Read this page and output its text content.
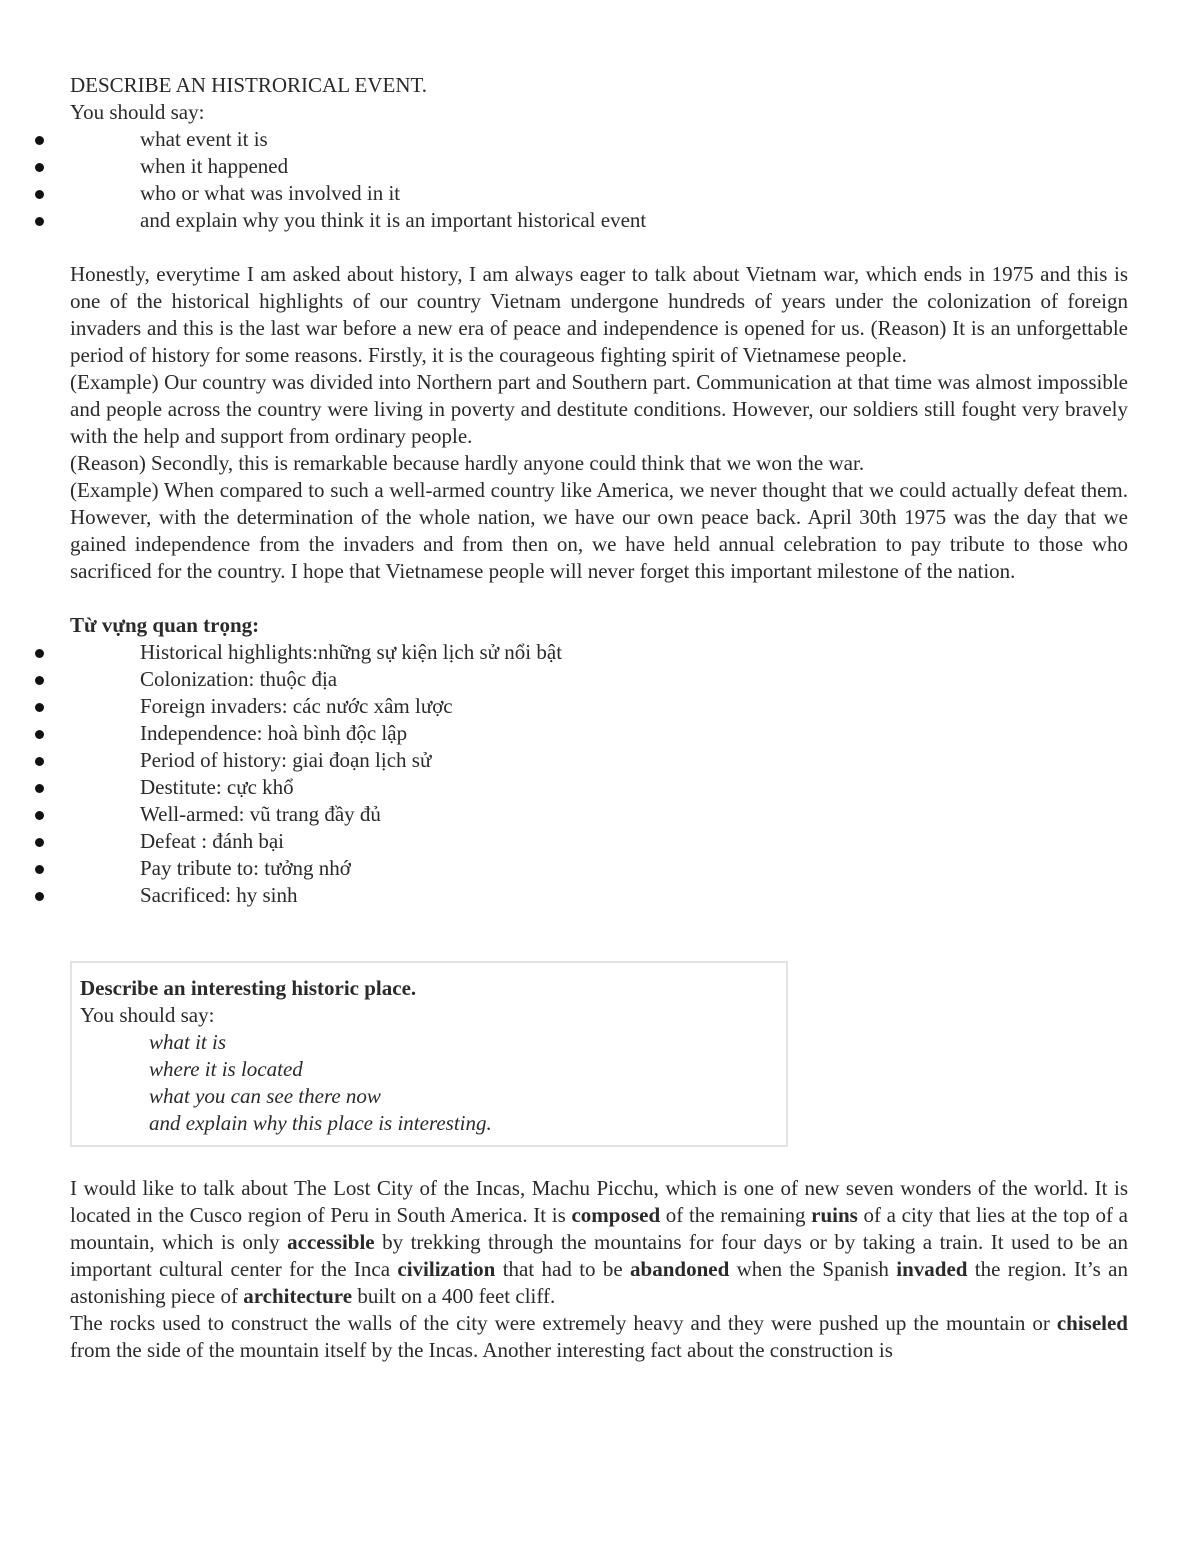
DESCRIBE AN HISTRORICAL EVENT.

You should say:

what event it is
when it happened
who or what was involved in it
and explain why you think it is an important historical event

Honestly, everytime I am asked about history, I am always eager to talk about Vietnam war, which ends in 1975 and this is one of the historical highlights of our country Vietnam undergone hundreds of years under the colonization of foreign invaders and this is the last war before a new era of peace and independence is opened for us. (Reason) It is an unforgettable period of history for some reasons. Firstly, it is the courageous fighting spirit of Vietnamese people.

(Example) Our country was divided into Northern part and Southern part. Communication at that time was almost impossible and people across the country were living in poverty and destitute conditions. However, our soldiers still fought very bravely with the help and support from ordinary people.

(Reason) Secondly, this is remarkable because hardly anyone could think that we won the war.

(Example) When compared to such a well-armed country like America, we never thought that we could actually defeat them. However, with the determination of the whole nation, we have our own peace back. April 30th 1975 was the day that we gained independence from the invaders and from then on, we have held annual celebration to pay tribute to those who sacrificed for the country. I hope that Vietnamese people will never forget this important milestone of the nation.

Từ vựng quan trọng:

Historical highlights:những sự kiện lịch sử nổi bật
Colonization: thuộc địa
Foreign invaders: các nước xâm lược
Independence: hoà bình độc lập
Period of history: giai đoạn lịch sử
Destitute: cực khổ
Well-armed: vũ trang đầy đủ
Defeat : đánh bại
Pay tribute to: tưởng nhớ
Sacrificed: hy sinh

Describe an interesting historic place.

You should say:

what it is

where it is located

what you can see there now

and explain why this place is interesting.

I would like to talk about The Lost City of the Incas, Machu Picchu, which is one of new seven wonders of the world. It is located in the Cusco region of Peru in South America. It is composed of the remaining ruins of a city that lies at the top of a mountain, which is only accessible by trekking through the mountains for four days or by taking a train. It used to be an important cultural center for the Inca civilization that had to be abandoned when the Spanish invaded the region. It’s an astonishing piece of architecture built on a 400 feet cliff.

The rocks used to construct the walls of the city were extremely heavy and they were pushed up the mountain or chiseled from the side of the mountain itself by the Incas. Another interesting fact about the construction is
